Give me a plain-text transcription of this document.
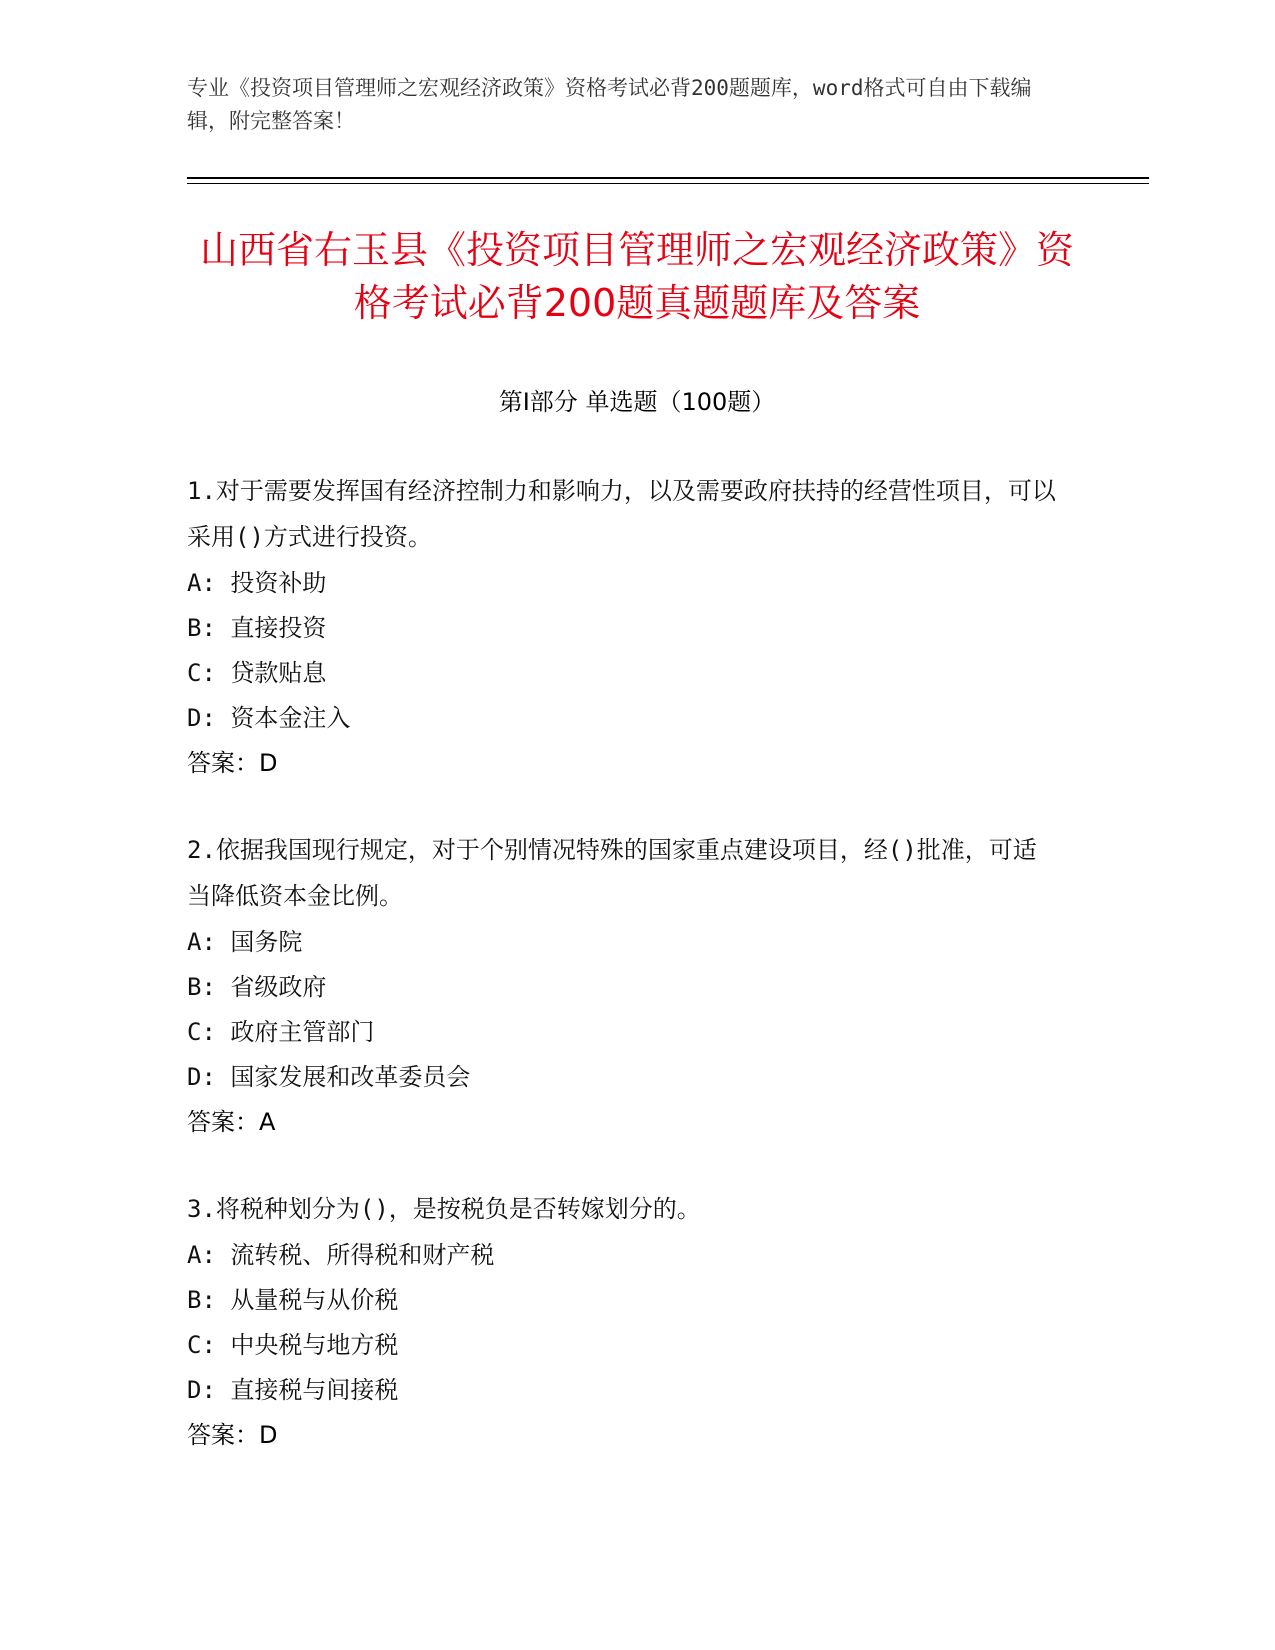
专业《投资项目管理师之宏观经济政策》资格考试必背200题题库，word格式可自由下载编辑，附完整答案！
山西省右玉县《投资项目管理师之宏观经济政策》资格考试必背200题真题题库及答案
第I部分 单选题（100题）
1.对于需要发挥国有经济控制力和影响力，以及需要政府扶持的经营性项目，可以采用()方式进行投资。
A: 投资补助
B: 直接投资
C: 贷款贴息
D: 资本金注入
答案：D
2.依据我国现行规定，对于个别情况特殊的国家重点建设项目，经()批准，可适当降低资本金比例。
A: 国务院
B: 省级政府
C: 政府主管部门
D: 国家发展和改革委员会
答案：A
3.将税种划分为()，是按税负是否转嫁划分的。
A: 流转税、所得税和财产税
B: 从量税与从价税
C: 中央税与地方税
D: 直接税与间接税
答案：D
